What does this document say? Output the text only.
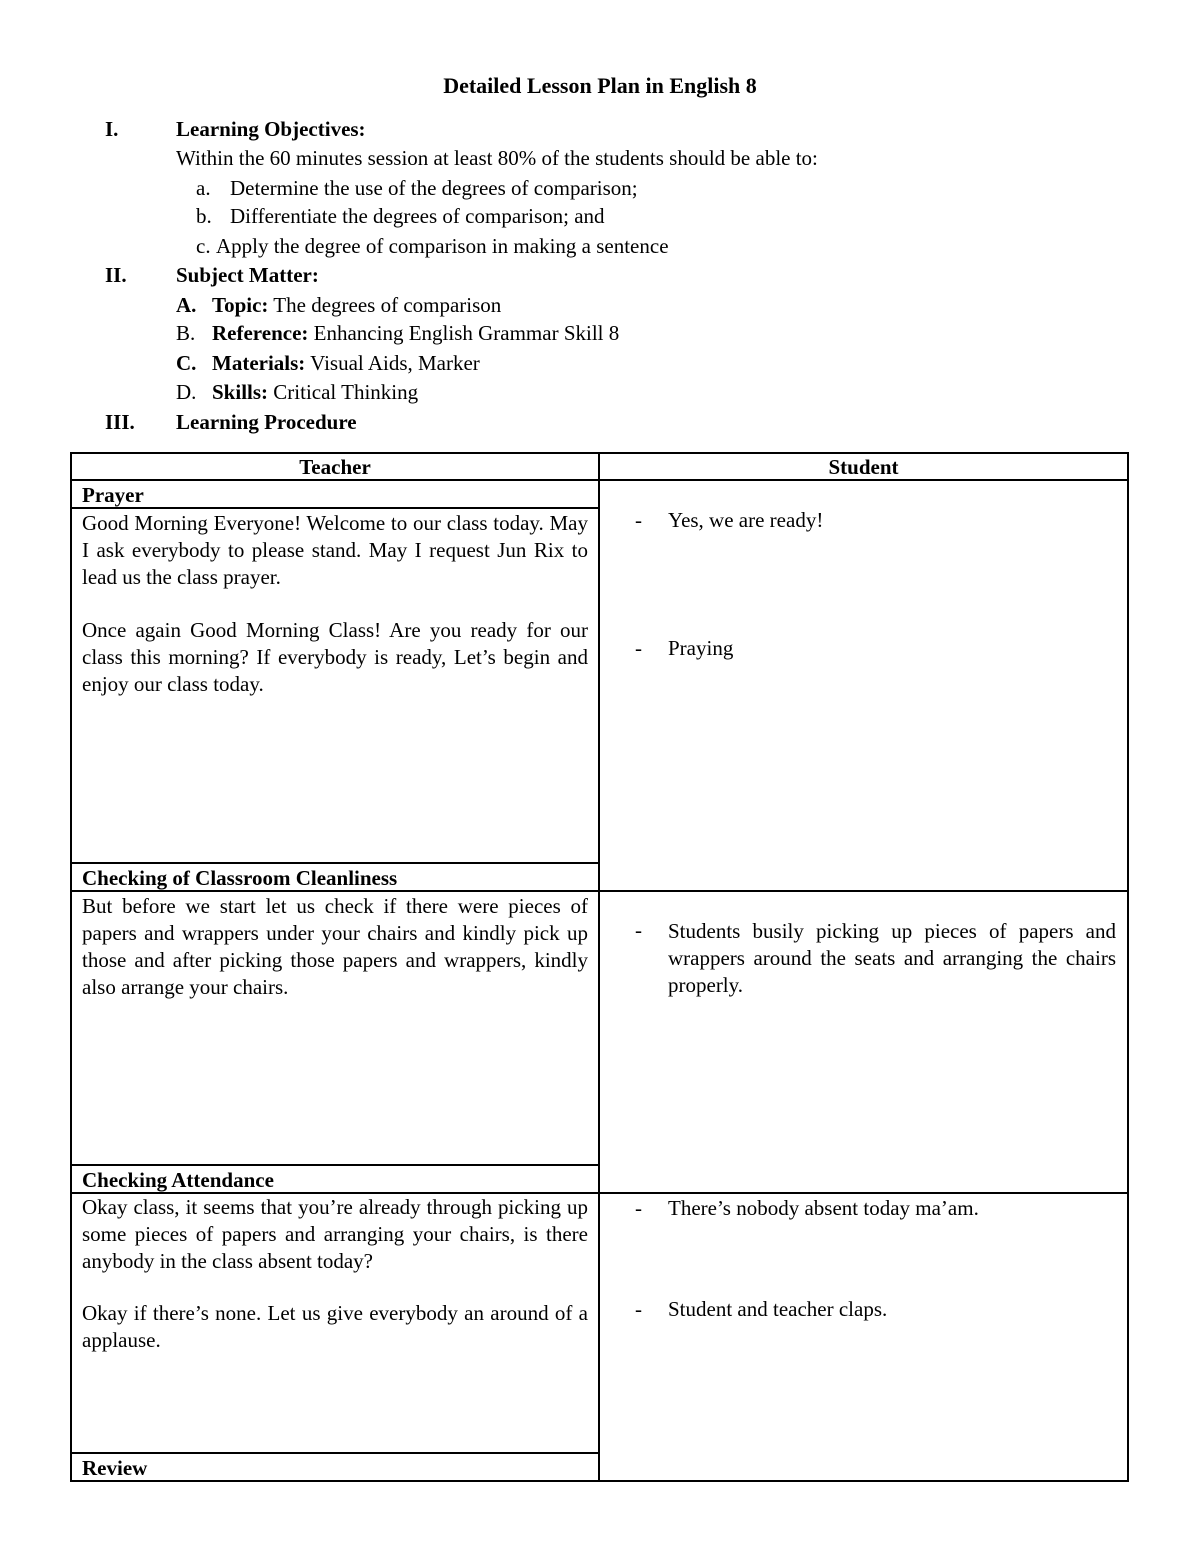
Detailed Lesson Plan in English 8
I.	Learning Objectives:
Within the 60 minutes session at least 80% of the students should be able to:
a. Determine the use of the degrees of comparison;
b. Differentiate the degrees of comparison; and
c. Apply the degree of comparison in making a sentence
II. Subject Matter:
A. Topic: The degrees of comparison
B. Reference: Enhancing English Grammar Skill 8
C. Materials: Visual Aids, Marker
D. Skills: Critical Thinking
III. Learning Procedure
Teacher	Student
Prayer
Good Morning Everyone! Welcome to our class today. May I ask everybody to please stand. May I request Jun Rix to lead us the class prayer.
Once again Good Morning Class! Are you ready for our class this morning? If everybody is ready, Let’s begin and enjoy our class today.
- Yes, we are ready!
- Praying
Checking of Classroom Cleanliness
But before we start let us check if there were pieces of papers and wrappers under your chairs and kindly pick up those and after picking those papers and wrappers, kindly also arrange your chairs.
- Students busily picking up pieces of papers and wrappers around the seats and arranging the chairs properly.
Checking Attendance
Okay class, it seems that you’re already through picking up some pieces of papers and arranging your chairs, is there anybody in the class absent today?
Okay if there’s none. Let us give everybody an around of a applause.
- There’s nobody absent today ma’am.
- Student and teacher claps.
Review
